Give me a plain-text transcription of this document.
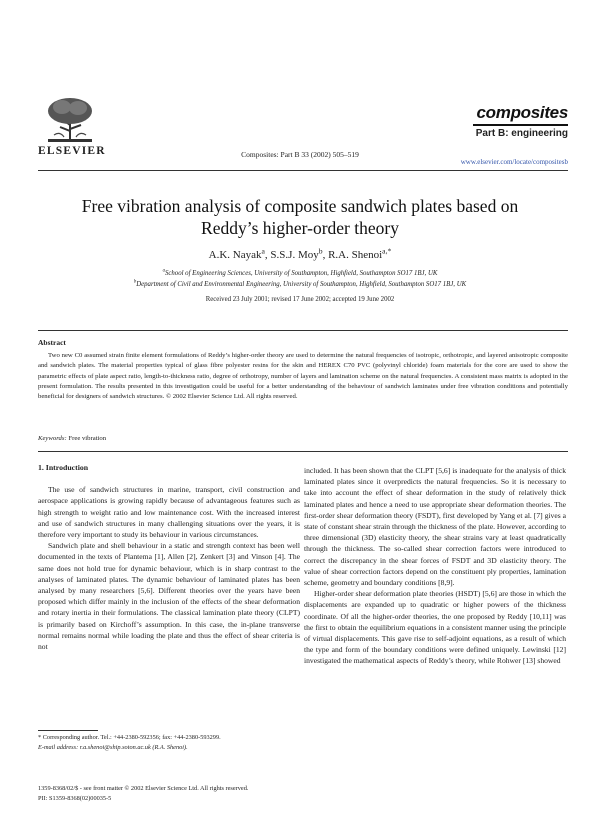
ELSEVIER	Composites: Part B 33 (2002) 505–519
composites
Part B: engineering
www.elsevier.com/locate/compositesb
Free vibration analysis of composite sandwich plates based on Reddy’s higher-order theory
A.K. Nayak$^a$, S.S.J. Moy$^b$, R.A. Shenoi$^{a,*}$
$^a$School of Engineering Sciences, University of Southampton, Highfield, Southampton SO17 1BJ, UK
$^b$Department of Civil and Environmental Engineering, University of Southampton, Highfield, Southampton SO17 1BJ, UK
Received 23 July 2001; revised 17 June 2002; accepted 19 June 2002
Abstract
Two new C0 assumed strain finite element formulations of Reddy’s higher-order theory are used to determine the natural frequencies of isotropic, orthotropic, and layered anisotropic composite and sandwich plates. The material properties typical of glass fibre polyester resins for the skin and HEREX C70 PVC (polyvinyl chloride) foam materials for the core are used to show the parametric effects of plate aspect ratio, length-to-thickness ratio, degree of orthotropy, number of layers and lamination scheme on the natural frequencies. A consistent mass matrix is adopted in the present formulation. The results presented in this investigation could be useful for a better understanding of the behaviour of sandwich laminates under free vibration conditions and potentially beneficial for designers of sandwich structures. © 2002 Elsevier Science Ltd. All rights reserved.
Keywords: Free vibration
1. Introduction

The use of sandwich structures in marine, transport, civil construction and aerospace applications is growing rapidly because of advantageous features such as high strength to weight ratio and low maintenance cost. With the increased interest and use of sandwich structures in many challenging situations over the years, it is therefore very important to study its behaviour in various circumstances.

Sandwich plate and shell behaviour in a static and strength context has been well documented in the texts of Plantema [1], Allen [2], Zenkert [3] and Vinson [4]. The same does not hold true for dynamic behaviour, which is in sharp contrast to the analyses of laminated plates. The dynamic behaviour of laminated plates has been analysed by many researchers [5,6]. Different theories over the years have been proposed which differ mainly in the inclusion of the effects of the shear deformation and rotary inertia in their formulations. The classical lamination plate theory (CLPT) is primarily based on Kirchoff’s assumption. In this case, the in-plane transverse normal remains normal while loading the plate and thus the effect of shear criteria is not

included. It has been shown that the CLPT [5,6] is inadequate for the analysis of thick laminated plates since it overpredicts the natural frequencies. So it is necessary to take into account the effect of shear deformation in the study of relatively thick laminated plates and hence a need to use appropriate shear deformation theories. The first-order shear deformation theory (FSDT), first developed by Yang et al. [7] gives a state of constant shear strain through the thickness of the plate. However, according to three dimensional (3D) elasticity theory, the shear strains vary at least quadratically through the thickness. The so-called shear correction factors were introduced to correct the discrepancy in the shear forces of FSDT and 3D elasticity theory. The value of shear correction factors depend on the constituent ply properties, lamination scheme, geometry and boundary conditions [8,9].

Higher-order shear deformation plate theories (HSDT) [5,6] are those in which the displacements are expanded up to quadratic or higher powers of the thickness coordinate. Of all the higher-order theories, the one proposed by Reddy [10,11] was the first to obtain the equilibrium equations in a consistent manner using the principle of virtual displacements. This gave rise to self-adjoint equations, as a result of which the type and form of the boundary conditions were defined uniquely. Lewinski [12] investigated the mathematical aspects of Reddy’s theory, while Rohwer [13] showed

* Corresponding author. Tel.: +44-2380-592356; fax: +44-2380-593299.
E-mail address: r.a.shenoi@ship.soton.ac.uk (R.A. Shenoi).
1359-8368/02/$ - see front matter © 2002 Elsevier Science Ltd. All rights reserved.
PII: S1359-8368(02)00035-5
